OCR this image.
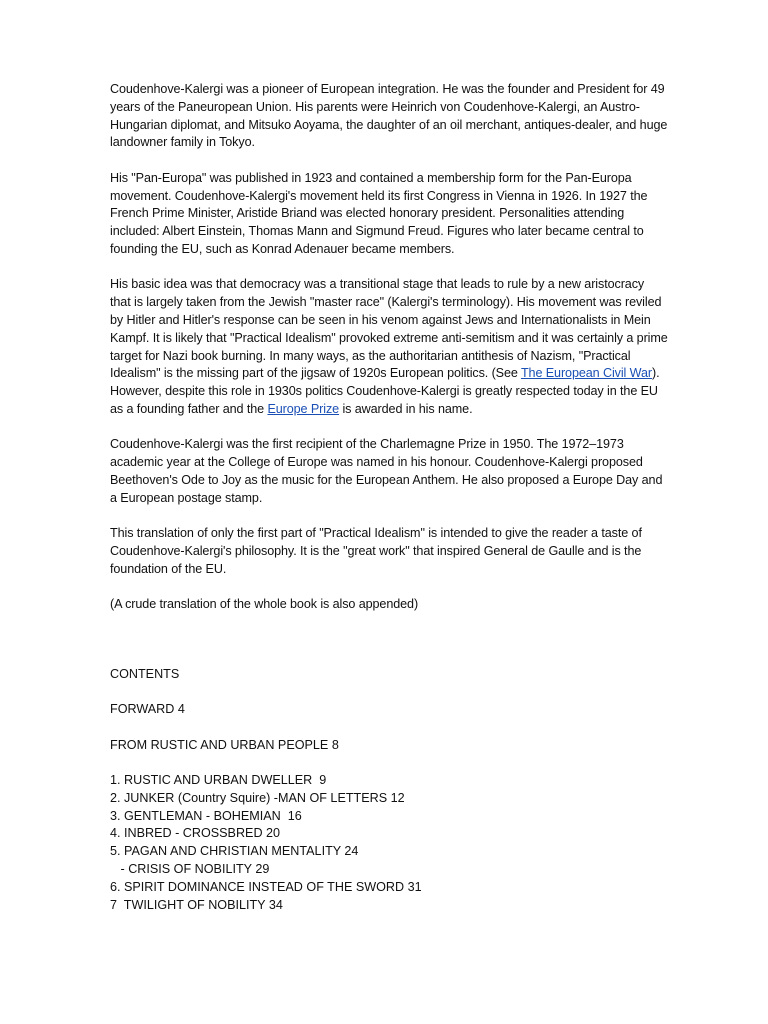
Coudenhove-Kalergi was a pioneer of European integration. He was the founder and President for 49 years of the Paneuropean Union. His parents were Heinrich von Coudenhove-Kalergi, an Austro-Hungarian diplomat, and Mitsuko Aoyama, the daughter of an oil merchant, antiques-dealer, and huge landowner family in Tokyo.

His "Pan-Europa" was published in 1923 and contained a membership form for the Pan-Europa movement. Coudenhove-Kalergi's movement held its first Congress in Vienna in 1926. In 1927 the French Prime Minister, Aristide Briand was elected honorary president. Personalities attending included: Albert Einstein, Thomas Mann and Sigmund Freud. Figures who later became central to founding the EU, such as Konrad Adenauer became members.

His basic idea was that democracy was a transitional stage that leads to rule by a new aristocracy that is largely taken from the Jewish "master race" (Kalergi's terminology). His movement was reviled by Hitler and Hitler's response can be seen in his venom against Jews and Internationalists in Mein Kampf. It is likely that "Practical Idealism" provoked extreme anti-semitism and it was certainly a prime target for Nazi book burning. In many ways, as the authoritarian antithesis of Nazism, "Practical Idealism" is the missing part of the jigsaw of 1920s European politics. (See The European Civil War). However, despite this role in 1930s politics Coudenhove-Kalergi is greatly respected today in the EU as a founding father and the Europe Prize is awarded in his name.

Coudenhove-Kalergi was the first recipient of the Charlemagne Prize in 1950. The 1972–1973 academic year at the College of Europe was named in his honour. Coudenhove-Kalergi proposed Beethoven's Ode to Joy as the music for the European Anthem. He also proposed a Europe Day and a European postage stamp.

This translation of only the first part of "Practical Idealism" is intended to give the reader a taste of Coudenhove-Kalergi's philosophy. It is the "great work" that inspired General de Gaulle and is the foundation of the EU.

(A crude translation of the whole book is also appended)

CONTENTS

FORWARD 4

FROM RUSTIC AND URBAN PEOPLE 8

1. RUSTIC AND URBAN DWELLER  9
2. JUNKER (Country Squire) -MAN OF LETTERS 12
3. GENTLEMAN - BOHEMIAN  16
4. INBRED - CROSSBRED 20
5. PAGAN AND CHRISTIAN MENTALITY 24
- CRISIS OF NOBILITY 29
6. SPIRIT DOMINANCE INSTEAD OF THE SWORD 31
7  TWILIGHT OF NOBILITY 34
